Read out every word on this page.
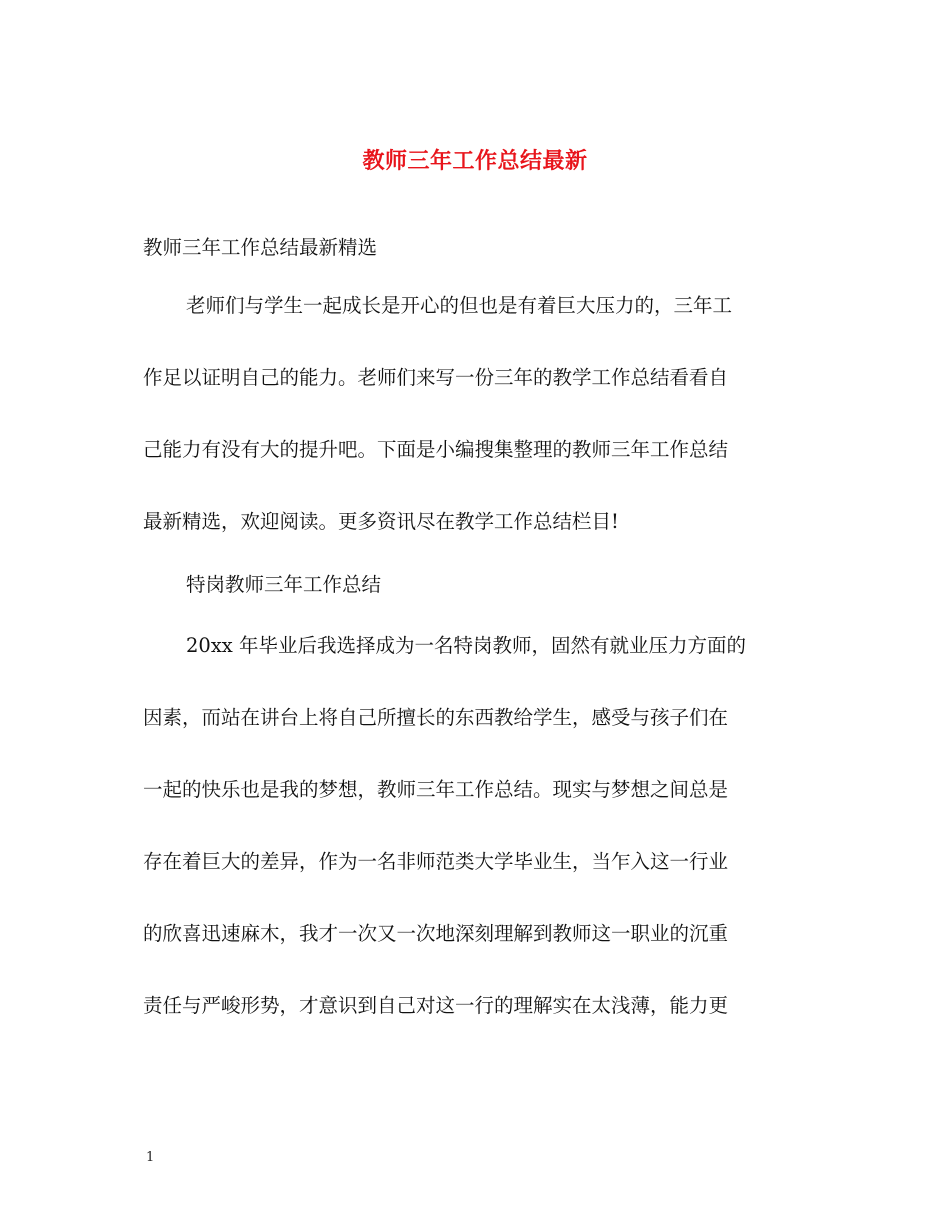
教师三年工作总结最新
教师三年工作总结最新精选
老师们与学生一起成长是开心的但也是有着巨大压力的，三年工
作足以证明自己的能力。老师们来写一份三年的教学工作总结看看自
己能力有没有大的提升吧。下面是小编搜集整理的教师三年工作总结
最新精选，欢迎阅读。更多资讯尽在教学工作总结栏目!
特岗教师三年工作总结
20xx 年毕业后我选择成为一名特岗教师，固然有就业压力方面的
因素，而站在讲台上将自己所擅长的东西教给学生，感受与孩子们在
一起的快乐也是我的梦想，教师三年工作总结。现实与梦想之间总是
存在着巨大的差异，作为一名非师范类大学毕业生，当乍入这一行业
的欣喜迅速麻木，我才一次又一次地深刻理解到教师这一职业的沉重
责任与严峻形势，才意识到自己对这一行的理解实在太浅薄，能力更
1
